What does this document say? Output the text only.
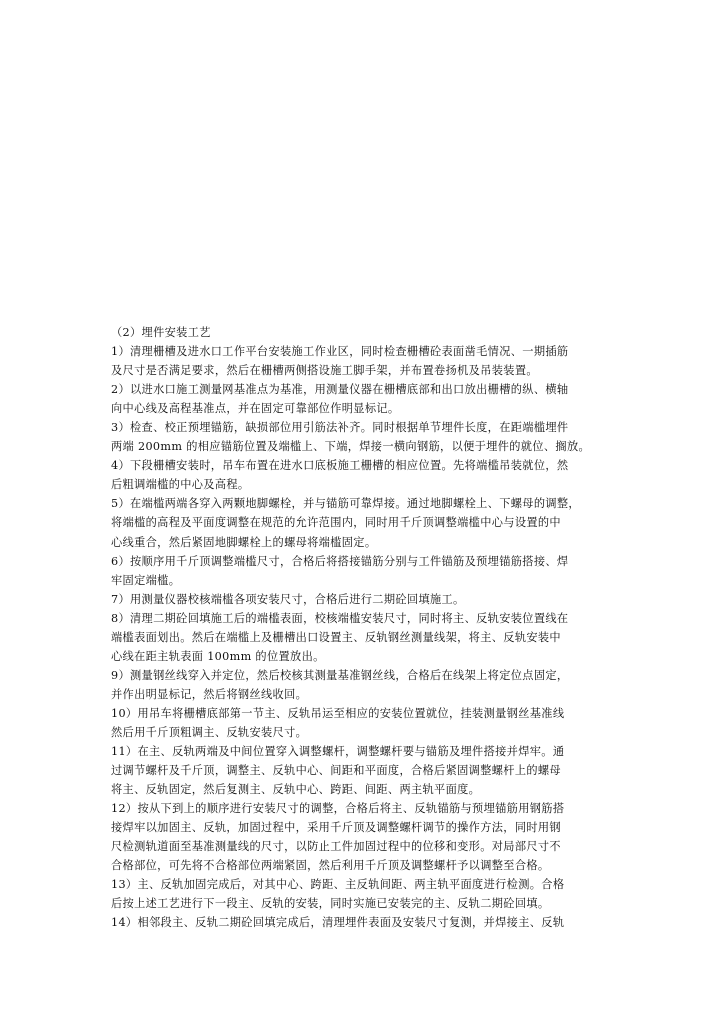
（2）埋件安装工艺
1）清理栅槽及进水口工作平台安装施工作业区，同时检查栅槽砼表面凿毛情况、一期插筋
及尺寸是否满足要求，然后在栅槽两侧搭设施工脚手架，并布置卷扬机及吊装装置。
2）以进水口施工测量网基准点为基准，用测量仪器在栅槽底部和出口放出栅槽的纵、横轴
向中心线及高程基准点，并在固定可靠部位作明显标记。
3）检查、校正预埋锚筋，缺损部位用引筋法补齐。同时根据单节埋件长度，在距端槛埋件
两端 200mm 的相应锚筋位置及端槛上、下端，焊接一横向钢筋，以便于埋件的就位、搁放。
4）下段栅槽安装时，吊车布置在进水口底板施工栅槽的相应位置。先将端槛吊装就位，然
后粗调端槛的中心及高程。
5）在端槛两端各穿入两颗地脚螺栓，并与锚筋可靠焊接。通过地脚螺栓上、下螺母的调整，
将端槛的高程及平面度调整在规范的允许范围内，同时用千斤顶调整端槛中心与设置的中
心线重合，然后紧固地脚螺栓上的螺母将端槛固定。
6）按顺序用千斤顶调整端槛尺寸，合格后将搭接锚筋分别与工件锚筋及预埋锚筋搭接、焊
牢固定端槛。
7）用测量仪器校核端槛各项安装尺寸，合格后进行二期砼回填施工。
8）清理二期砼回填施工后的端槛表面，校核端槛安装尺寸，同时将主、反轨安装位置线在
端槛表面划出。然后在端槛上及栅槽出口设置主、反轨钢丝测量线架，将主、反轨安装中
心线在距主轨表面 100mm 的位置放出。
9）测量钢丝线穿入并定位，然后校核其测量基准钢丝线，合格后在线架上将定位点固定，
并作出明显标记，然后将钢丝线收回。
10）用吊车将栅槽底部第一节主、反轨吊运至相应的安装位置就位，挂装测量钢丝基准线
然后用千斤顶粗调主、反轨安装尺寸。
11）在主、反轨两端及中间位置穿入调整螺杆，调整螺杆要与锚筋及埋件搭接并焊牢。通
过调节螺杆及千斤顶，调整主、反轨中心、间距和平面度，合格后紧固调整螺杆上的螺母
将主、反轨固定，然后复测主、反轨中心、跨距、间距、两主轨平面度。
12）按从下到上的顺序进行安装尺寸的调整，合格后将主、反轨锚筋与预埋锚筋用钢筋搭
接焊牢以加固主、反轨，加固过程中，采用千斤顶及调整螺杆调节的操作方法，同时用钢
尺检测轨道面至基准测量线的尺寸，以防止工件加固过程中的位移和变形。对局部尺寸不
合格部位，可先将不合格部位两端紧固，然后利用千斤顶及调整螺杆予以调整至合格。
13）主、反轨加固完成后，对其中心、跨距、主反轨间距、两主轨平面度进行检测。合格
后按上述工艺进行下一段主、反轨的安装，同时实施已安装完的主、反轨二期砼回填。
14）相邻段主、反轨二期砼回填完成后，清理埋件表面及安装尺寸复测，并焊接主、反轨
